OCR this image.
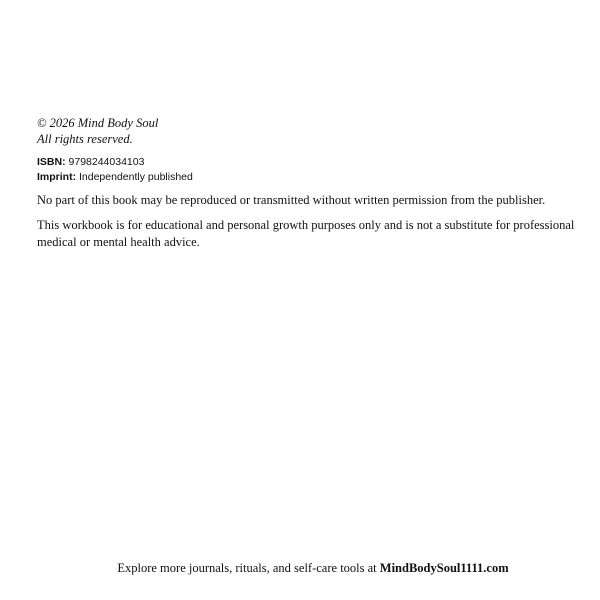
© 2026 Mind Body Soul

All rights reserved.

ISBN: 9798244034103
Imprint: Independently published

No part of this book may be reproduced or transmitted without written permission from the publisher.

This workbook is for educational and personal growth purposes only and is not a substitute for professional medical or mental health advice.

Explore more journals, rituals, and self-care tools at MindBodySoul1111.com
